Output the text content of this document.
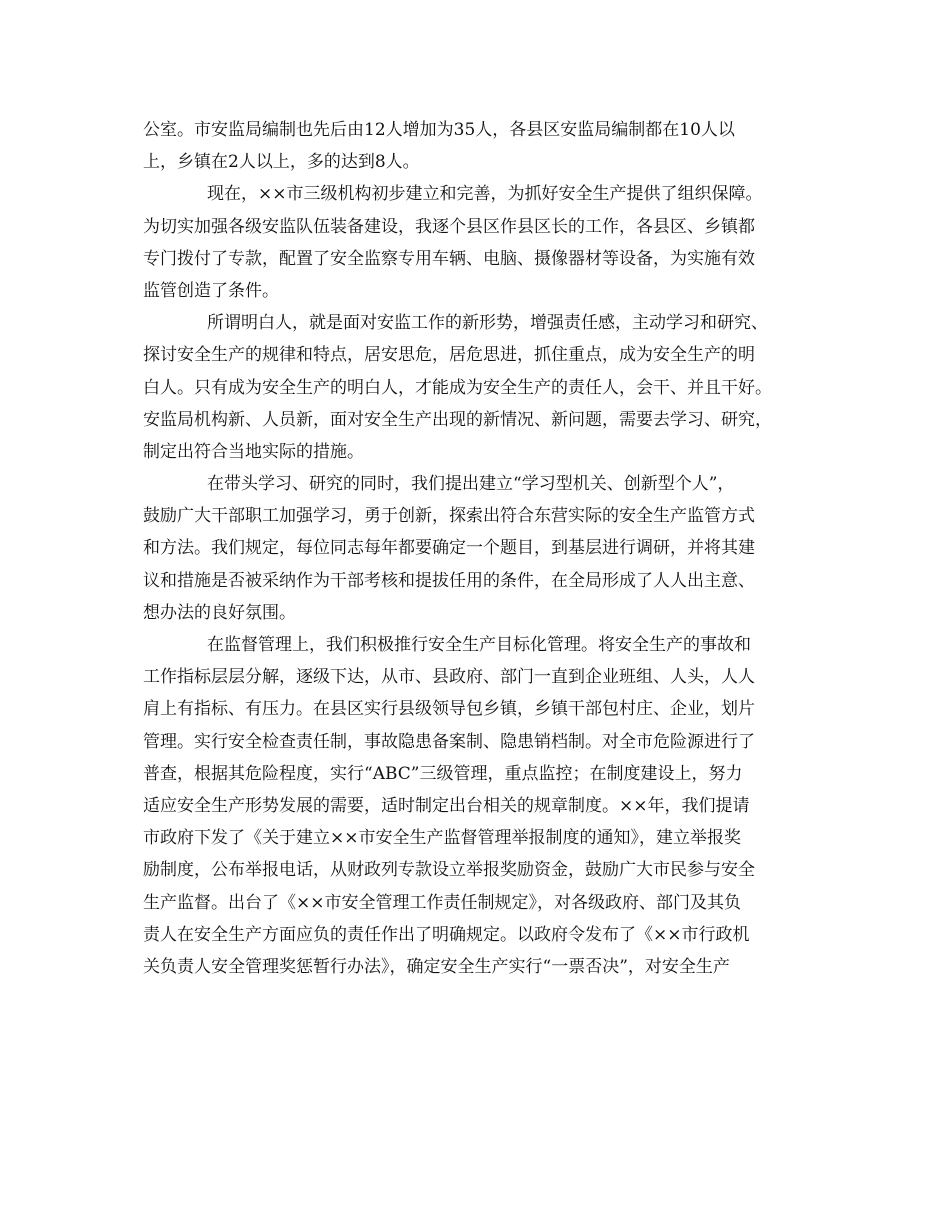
公室。市安监局编制也先后由12人增加为35人，各县区安监局编制都在10人以
上，乡镇在2人以上，多的达到8人。
现在，××市三级机构初步建立和完善，为抓好安全生产提供了组织保障。
为切实加强各级安监队伍装备建设，我逐个县区作县区长的工作，各县区、乡镇都
专门拨付了专款，配置了安全监察专用车辆、电脑、摄像器材等设备，为实施有效
监管创造了条件。
所谓明白人，就是面对安监工作的新形势，增强责任感，主动学习和研究、
探讨安全生产的规律和特点，居安思危，居危思进，抓住重点，成为安全生产的明
白人。只有成为安全生产的明白人，才能成为安全生产的责任人，会干、并且干好。
安监局机构新、人员新，面对安全生产出现的新情况、新问题，需要去学习、研究，
制定出符合当地实际的措施。
在带头学习、研究的同时，我们提出建立“学习型机关、创新型个人”，
鼓励广大干部职工加强学习，勇于创新，探索出符合东营实际的安全生产监管方式
和方法。我们规定，每位同志每年都要确定一个题目，到基层进行调研，并将其建
议和措施是否被采纳作为干部考核和提拔任用的条件，在全局形成了人人出主意、
想办法的良好氛围。
在监督管理上，我们积极推行安全生产目标化管理。将安全生产的事故和
工作指标层层分解，逐级下达，从市、县政府、部门一直到企业班组、人头，人人
肩上有指标、有压力。在县区实行县级领导包乡镇，乡镇干部包村庄、企业，划片
管理。实行安全检查责任制，事故隐患备案制、隐患销档制。对全市危险源进行了
普查，根据其危险程度，实行“ABC”三级管理，重点监控；在制度建设上，努力
适应安全生产形势发展的需要，适时制定出台相关的规章制度。××年，我们提请
市政府下发了《关于建立××市安全生产监督管理举报制度的通知》，建立举报奖
励制度，公布举报电话，从财政列专款设立举报奖励资金，鼓励广大市民参与安全
生产监督。出台了《××市安全管理工作责任制规定》，对各级政府、部门及其负
责人在安全生产方面应负的责任作出了明确规定。以政府令发布了《××市行政机
关负责人安全管理奖惩暂行办法》，确定安全生产实行“一票否决”，对安全生产
